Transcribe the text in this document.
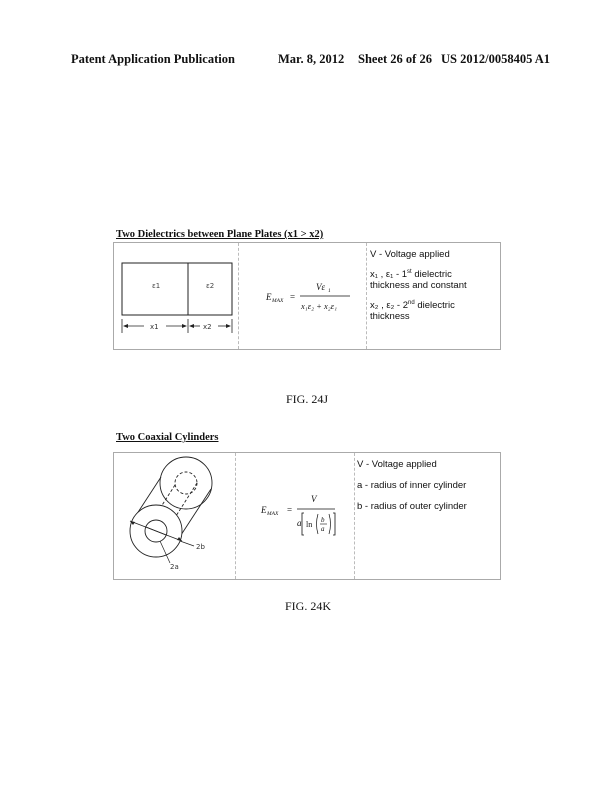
Patent Application Publication	Mar. 8, 2012 Sheet 26 of 26 US 2012/0058405 A1
Two Dielectrics between Plane Plates (x1 > x2)
ε1	ε2
x1	x2
E MAX =
Vε 1
x₁ε₂ + x₂ε₁

V - Voltage applied

x₁ , ε₁ - 1st dielectric

thickness and constant

x₂ , ε₂ - 2nd dielectric

thickness

FIG. 24J
Two Coaxial Cylinders
2b
2a
E MAX =
V
a ln b
a

V - Voltage applied

a - radius of inner cylinder

b - radius of outer cylinder

FIG. 24K
